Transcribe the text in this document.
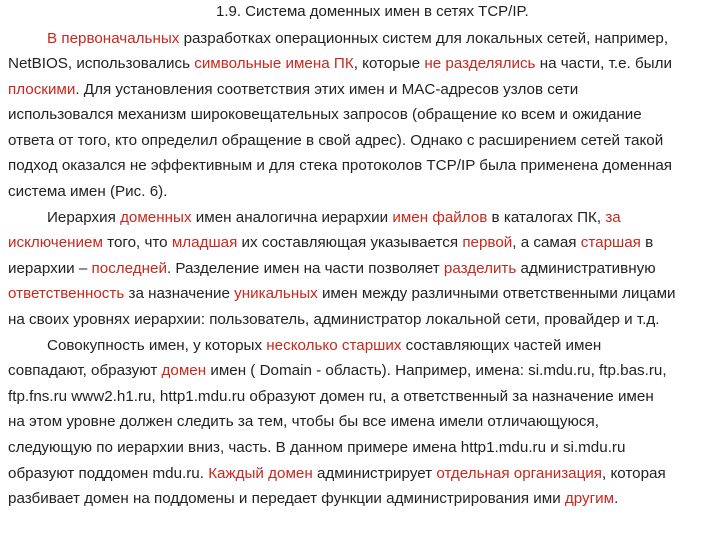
1.9. Система доменных имен в сетях TCP/IP.
В первоначальных разработках операционных систем для локальных сетей, например,
NetBIOS, использовались символьные имена ПК, которые не разделялись на части, т.е. были
плоскими. Для установления соответствия этих имен и MAC-адресов узлов сети
использовался механизм широковещательных запросов (обращение ко всем и ожидание
ответа от того, кто определил обращение в свой адрес). Однако с расширением сетей такой
подход оказался не эффективным и для стека протоколов TCP/IP была применена доменная
система имен (Рис. 6).
Иерархия доменных имен аналогична иерархии имен файлов в каталогах ПК, за
исключением того, что младшая их составляющая указывается первой, а самая старшая в
иерархии – последней. Разделение имен на части позволяет разделить административную
ответственность за назначение уникальных имен между различными ответственными лицами
на своих уровнях иерархии: пользователь, администратор локальной сети, провайдер и т.д.
Совокупность имен, у которых несколько старших составляющих частей имен
совпадают, образуют домен имен ( Domain - область). Например, имена: si.mdu.ru, ftp.bas.ru,
ftp.fns.ru www2.h1.ru, http1.mdu.ru образуют домен ru, а ответственный за назначение имен
на этом уровне должен следить за тем, чтобы бы все имена имели отличающуюся,
следующую по иерархии вниз, часть. В данном примере имена http1.mdu.ru и si.mdu.ru
образуют поддомен mdu.ru. Каждый домен администрирует отдельная организация, которая
разбивает домен на поддомены и передает функции администрирования ими другим.
